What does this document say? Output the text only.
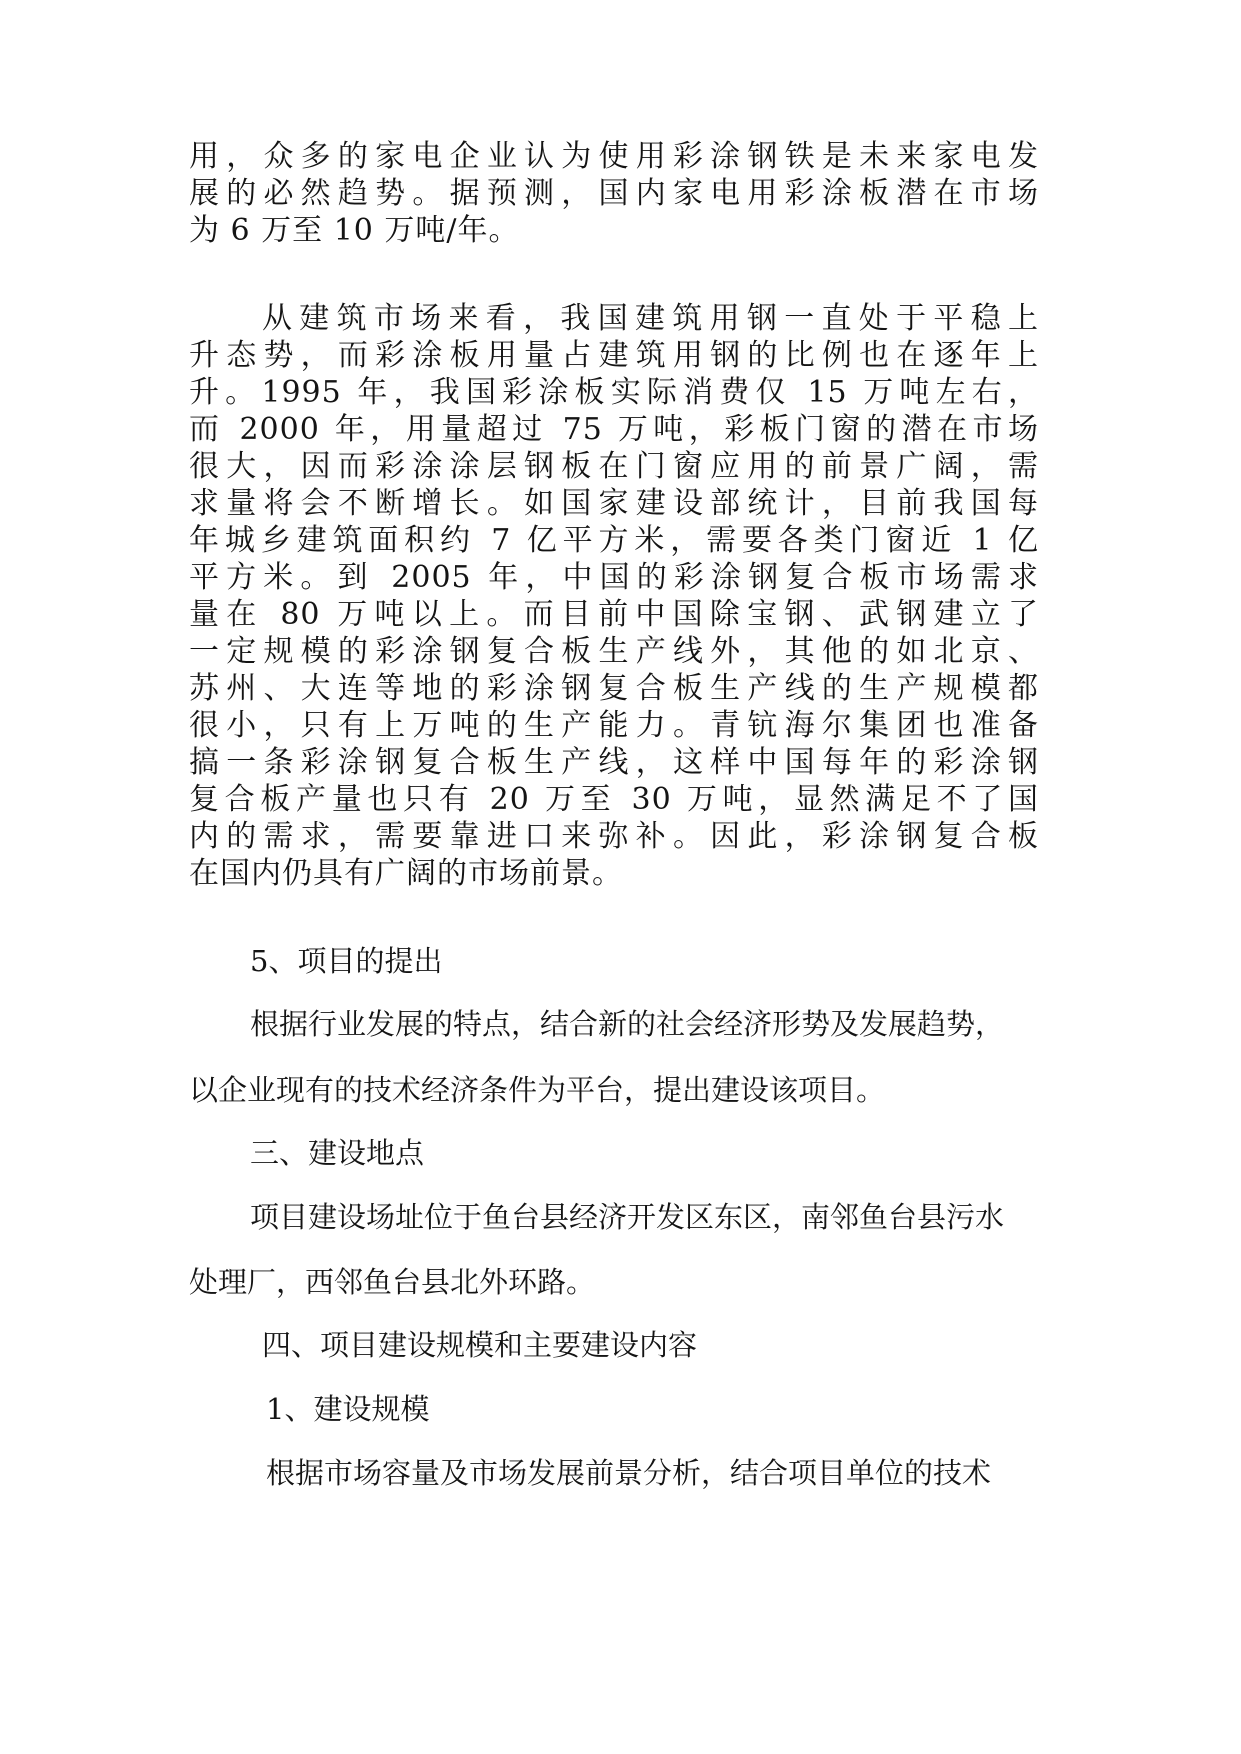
用，众多的家电企业认为使用彩涂钢铁是未来家电发

展的必然趋势。据预测，国内家电用彩涂板潜在市场

为 6 万至 10 万吨/年。

从建筑市场来看，我国建筑用钢一直处于平稳上

升态势，而彩涂板用量占建筑用钢的比例也在逐年上

升。1995 年，我国彩涂板实际消费仅 15 万吨左右，

而 2000 年，用量超过 75 万吨，彩板门窗的潜在市场

很大，因而彩涂涂层钢板在门窗应用的前景广阔，需

求量将会不断增长。如国家建设部统计，目前我国每

年城乡建筑面积约 7 亿平方米，需要各类门窗近 1 亿

平方米。到 2005 年，中国的彩涂钢复合板市场需求

量在 80 万吨以上。而目前中国除宝钢、武钢建立了

一定规模的彩涂钢复合板生产线外，其他的如北京、

苏州、大连等地的彩涂钢复合板生产线的生产规模都

很小，只有上万吨的生产能力。青钪海尔集团也准备

搞一条彩涂钢复合板生产线，这样中国每年的彩涂钢

复合板产量也只有 20 万至 30 万吨，显然满足不了国

内的需求，需要靠进口来弥补。因此，彩涂钢复合板

在国内仍具有广阔的市场前景。

5、项目的提出

根据行业发展的特点，结合新的社会经济形势及发展趋势，

以企业现有的技术经济条件为平台，提出建设该项目。

三、建设地点

项目建设场址位于鱼台县经济开发区东区，南邻鱼台县污水

处理厂，西邻鱼台县北外环路。

四、项目建设规模和主要建设内容

1、建设规模

根据市场容量及市场发展前景分析，结合项目单位的技术
